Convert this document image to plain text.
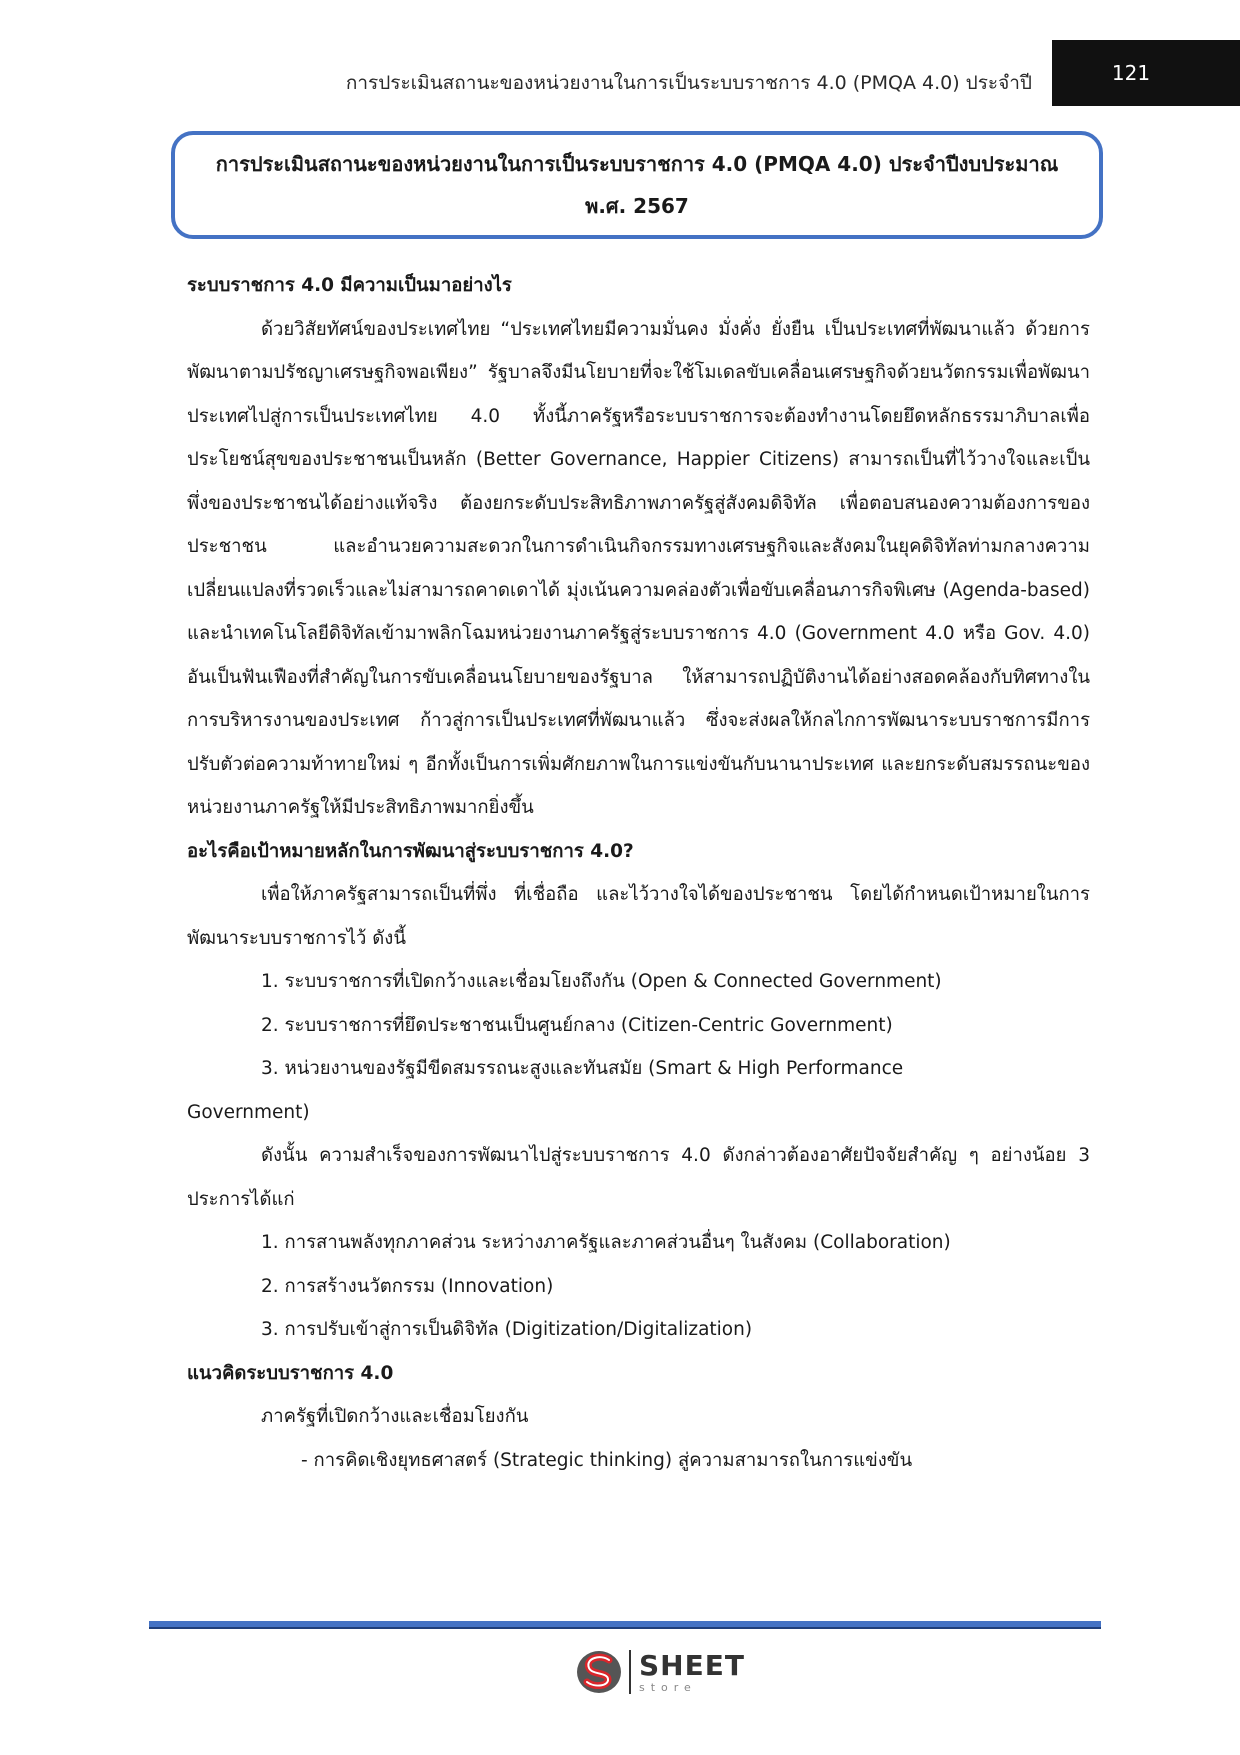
การประเมินสถานะของหน่วยงานในการเป็นระบบราชการ 4.0 (PMQA 4.0) ประจำปี	121
การประเมินสถานะของหน่วยงานในการเป็นระบบราชการ 4.0 (PMQA 4.0) ประจำปีงบประมาณ
พ.ศ. 2567

ระบบราชการ 4.0 มีความเป็นมาอย่างไร

ด้วยวิสัยทัศน์ของประเทศไทย “ประเทศไทยมีความมั่นคง มั่งคั่ง ยั่งยืน เป็นประเทศที่พัฒนาแล้ว ด้วยการพัฒนาตามปรัชญาเศรษฐกิจพอเพียง” รัฐบาลจึงมีนโยบายที่จะใช้โมเดลขับเคลื่อนเศรษฐกิจด้วยนวัตกรรมเพื่อพัฒนาประเทศไปสู่การเป็นประเทศไทย 4.0 ทั้งนี้ภาครัฐหรือระบบราชการจะต้องทำงานโดยยึดหลักธรรมาภิบาลเพื่อประโยชน์สุขของประชาชนเป็นหลัก (Better Governance, Happier Citizens) สามารถเป็นที่ไว้วางใจและเป็นพึ่งของประชาชนได้อย่างแท้จริง ต้องยกระดับประสิทธิภาพภาครัฐสู่สังคมดิจิทัล เพื่อตอบสนองความต้องการของประชาชน และอำนวยความสะดวกในการดำเนินกิจกรรมทางเศรษฐกิจและสังคมในยุคดิจิทัลท่ามกลางความเปลี่ยนแปลงที่รวดเร็วและไม่สามารถคาดเดาได้ มุ่งเน้นความคล่องตัวเพื่อขับเคลื่อนภารกิจพิเศษ (Agenda-based) และนำเทคโนโลยีดิจิทัลเข้ามาพลิกโฉมหน่วยงานภาครัฐสู่ระบบราชการ 4.0 (Government 4.0 หรือ Gov. 4.0) อันเป็นฟันเฟืองที่สำคัญในการขับเคลื่อนนโยบายของรัฐบาล ให้สามารถปฏิบัติงานได้อย่างสอดคล้องกับทิศทางในการบริหารงานของประเทศ ก้าวสู่การเป็นประเทศที่พัฒนาแล้ว ซึ่งจะส่งผลให้กลไกการพัฒนาระบบราชการมีการปรับตัวต่อความท้าทายใหม่ ๆ อีกทั้งเป็นการเพิ่มศักยภาพในการแข่งขันกับนานาประเทศ และยกระดับสมรรถนะของหน่วยงานภาครัฐให้มีประสิทธิภาพมากยิ่งขึ้น

อะไรคือเป้าหมายหลักในการพัฒนาสู่ระบบราชการ 4.0?

เพื่อให้ภาครัฐสามารถเป็นที่พึ่ง ที่เชื่อถือ และไว้วางใจได้ของประชาชน โดยได้กำหนดเป้าหมายในการพัฒนาระบบราชการไว้ ดังนี้

1. ระบบราชการที่เปิดกว้างและเชื่อมโยงถึงกัน (Open & Connected Government)

2. ระบบราชการที่ยึดประชาชนเป็นศูนย์กลาง (Citizen-Centric Government)

3. หน่วยงานของรัฐมีขีดสมรรถนะสูงและทันสมัย (Smart & High Performance

Government)

ดังนั้น ความสำเร็จของการพัฒนาไปสู่ระบบราชการ 4.0 ดังกล่าวต้องอาศัยปัจจัยสำคัญ ๆ อย่างน้อย 3 ประการได้แก่

1. การสานพลังทุกภาคส่วน ระหว่างภาครัฐและภาคส่วนอื่นๆ ในสังคม (Collaboration)

2. การสร้างนวัตกรรม (Innovation)

3. การปรับเข้าสู่การเป็นดิจิทัล (Digitization/Digitalization)

แนวคิดระบบราชการ 4.0

ภาครัฐที่เปิดกว้างและเชื่อมโยงกัน

- การคิดเชิงยุทธศาสตร์ (Strategic thinking) สู่ความสามารถในการแข่งขัน

SHEET
store
